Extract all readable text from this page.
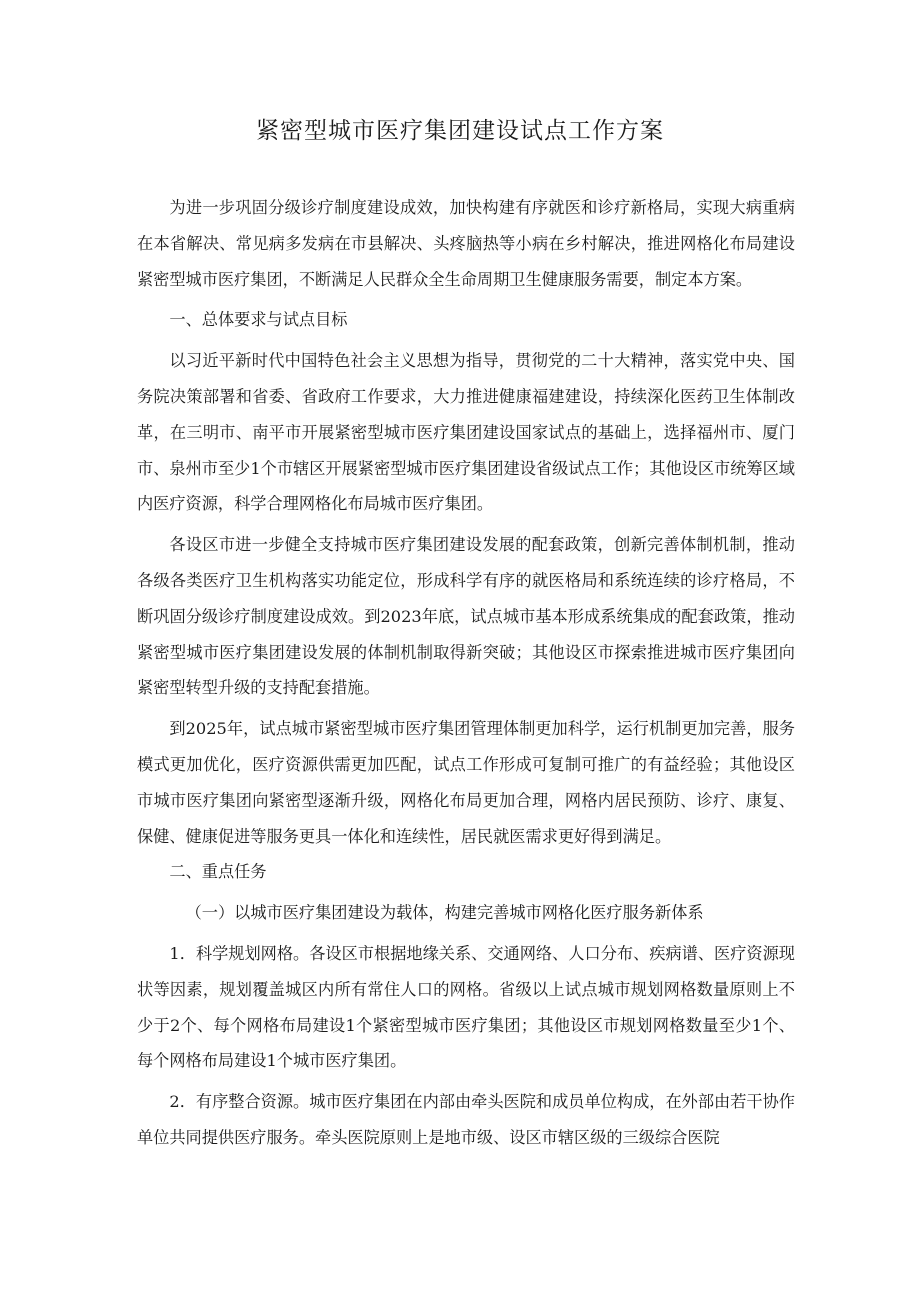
紧密型城市医疗集团建设试点工作方案

为进一步巩固分级诊疗制度建设成效，加快构建有序就医和诊疗新格局，实现大病重病在本省解决、常见病多发病在市县解决、头疼脑热等小病在乡村解决，推进网格化布局建设紧密型城市医疗集团，不断满足人民群众全生命周期卫生健康服务需要，制定本方案。

一、总体要求与试点目标

以习近平新时代中国特色社会主义思想为指导，贯彻党的二十大精神，落实党中央、国务院决策部署和省委、省政府工作要求，大力推进健康福建建设，持续深化医药卫生体制改革，在三明市、南平市开展紧密型城市医疗集团建设国家试点的基础上，选择福州市、厦门市、泉州市至少1个市辖区开展紧密型城市医疗集团建设省级试点工作；其他设区市统筹区域内医疗资源，科学合理网格化布局城市医疗集团。

各设区市进一步健全支持城市医疗集团建设发展的配套政策，创新完善体制机制，推动各级各类医疗卫生机构落实功能定位，形成科学有序的就医格局和系统连续的诊疗格局，不断巩固分级诊疗制度建设成效。到2023年底，试点城市基本形成系统集成的配套政策，推动紧密型城市医疗集团建设发展的体制机制取得新突破；其他设区市探索推进城市医疗集团向紧密型转型升级的支持配套措施。

到2025年，试点城市紧密型城市医疗集团管理体制更加科学，运行机制更加完善，服务模式更加优化，医疗资源供需更加匹配，试点工作形成可复制可推广的有益经验；其他设区市城市医疗集团向紧密型逐渐升级，网格化布局更加合理，网格内居民预防、诊疗、康复、保健、健康促进等服务更具一体化和连续性，居民就医需求更好得到满足。

二、重点任务

（一）以城市医疗集团建设为载体，构建完善城市网格化医疗服务新体系

1．科学规划网格。各设区市根据地缘关系、交通网络、人口分布、疾病谱、医疗资源现状等因素，规划覆盖城区内所有常住人口的网格。省级以上试点城市规划网格数量原则上不少于2个、每个网格布局建设1个紧密型城市医疗集团；其他设区市规划网格数量至少1个、每个网格布局建设1个城市医疗集团。

2．有序整合资源。城市医疗集团在内部由牵头医院和成员单位构成，在外部由若干协作单位共同提供医疗服务。牵头医院原则上是地市级、设区市辖区级的三级综合医院
